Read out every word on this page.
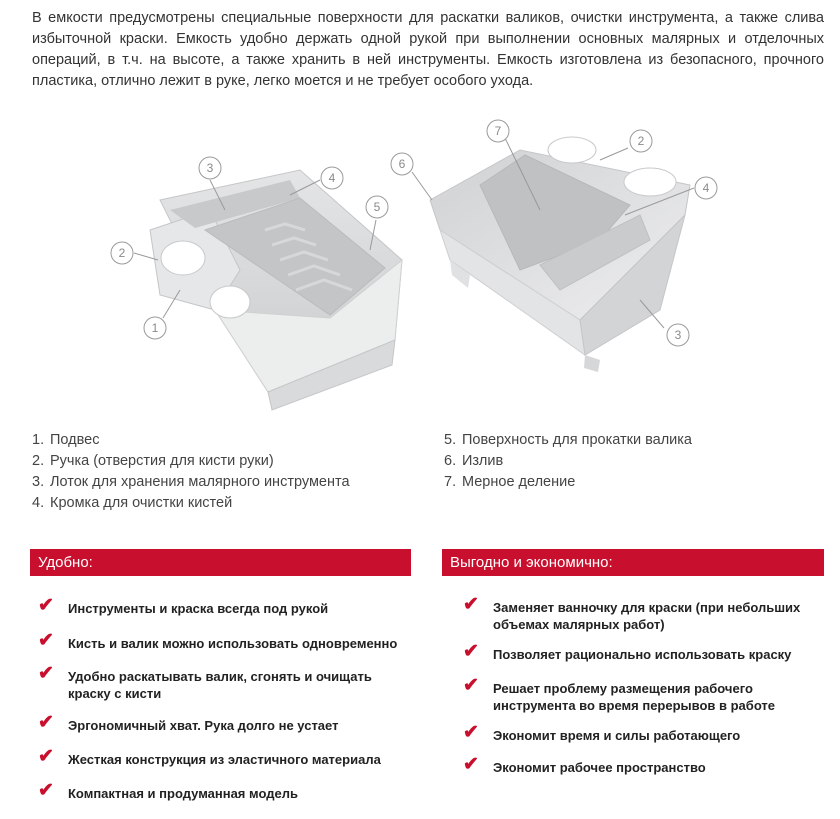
В емкости предусмотрены специальные поверхности для раскатки валиков, очистки инструмента, а также слива избыточной краски. Емкость удобно держать одной рукой при выполнении основных малярных и отделочных операций, в т.ч. на высоте, а также хранить в ней инструменты. Емкость изготовлена из безопасного, прочного пластика, отлично лежит в руке, легко моется и не требует особого ухода.

1
2
3
4
5
6
7
2
4
3
1. Подвес
2. Ручка (отверстия для кисти руки)
3. Лоток для хранения малярного инструмента
4. Кромка для очистки кистей
5. Поверхность для прокатки валика
6. Излив
7. Мерное деление
Удобно:	Выгодно и экономично:
✔ Инструменты и краска всегда под рукой
✔ Кисть и валик можно использовать одновременно
✔ Удобно раскатывать валик, сгонять и очищать краску с кисти
✔ Эргономичный хват. Рука долго не устает
✔ Жесткая конструкция из эластичного материала
✔ Компактная и продуманная модель
✔ Заменяет ванночку для краски (при небольших объемах малярных работ)
✔ Позволяет рационально использовать краску
✔ Решает проблему размещения рабочего инструмента во время перерывов в работе
✔ Экономит время и силы работающего
✔ Экономит рабочее пространство
